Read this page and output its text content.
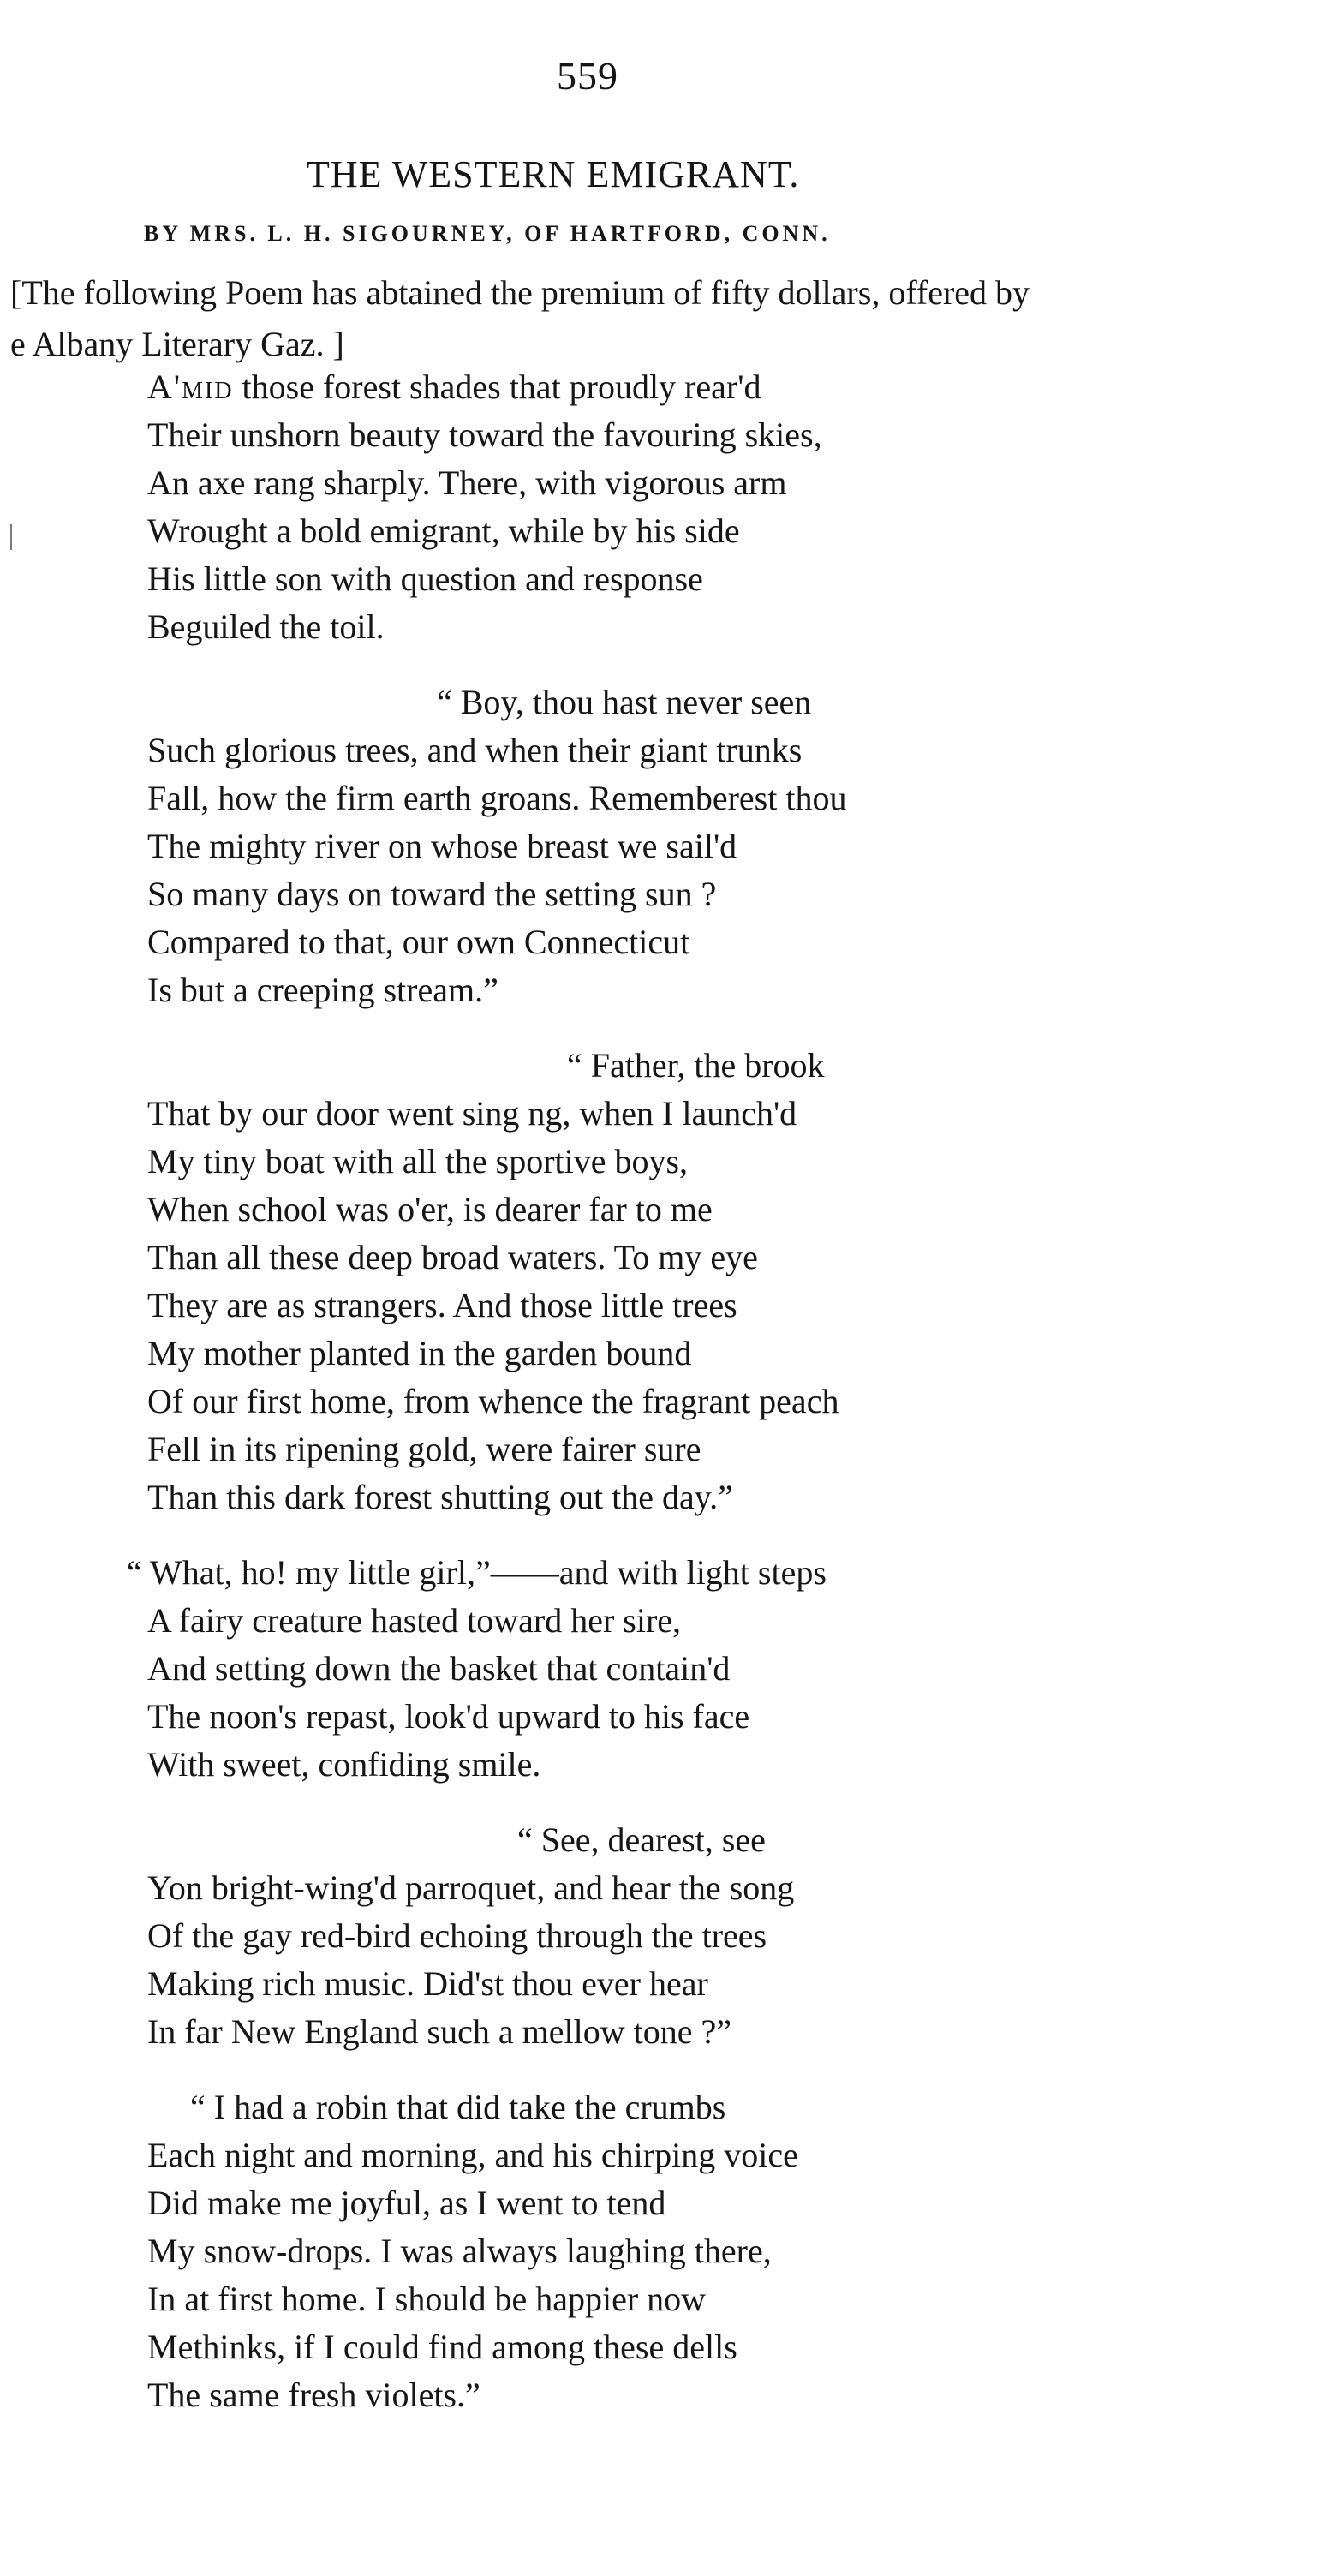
559
THE WESTERN EMIGRANT.
BY MRS. L. H. SIGOURNEY, OF HARTFORD, CONN.
[The following Poem has abtained the premium of fifty dollars, offered by
e Albany Literary Gaz. ]
A'mid those forest shades that proudly rear'd
Their unshorn beauty toward the favouring skies,
An axe rang sharply. There, with vigorous arm
Wrought a bold emigrant, while by his side
His little son with question and response
Beguiled the toil.
“ Boy, thou hast never seen
Such glorious trees, and when their giant trunks
Fall, how the firm earth groans. Rememberest thou
The mighty river on whose breast we sail'd
So many days on toward the setting sun ?
Compared to that, our own Connecticut
Is but a creeping stream.”
“ Father, the brook
That by our door went sing ng, when I launch'd
My tiny boat with all the sportive boys,
When school was o'er, is dearer far to me
Than all these deep broad waters. To my eye
They are as strangers. And those little trees
My mother planted in the garden bound
Of our first home, from whence the fragrant peach
Fell in its ripening gold, were fairer sure
Than this dark forest shutting out the day.”
“ What, ho! my little girl,”——and with light steps
A fairy creature hasted toward her sire,
And setting down the basket that contain'd
The noon's repast, look'd upward to his face
With sweet, confiding smile.
“ See, dearest, see
Yon bright-wing'd parroquet, and hear the song
Of the gay red-bird echoing through the trees
Making rich music. Did'st thou ever hear
In far New England such a mellow tone ?”
“ I had a robin that did take the crumbs
Each night and morning, and his chirping voice
Did make me joyful, as I went to tend
My snow-drops. I was always laughing there,
In at first home. I should be happier now
Methinks, if I could find among these dells
The same fresh violets.”
